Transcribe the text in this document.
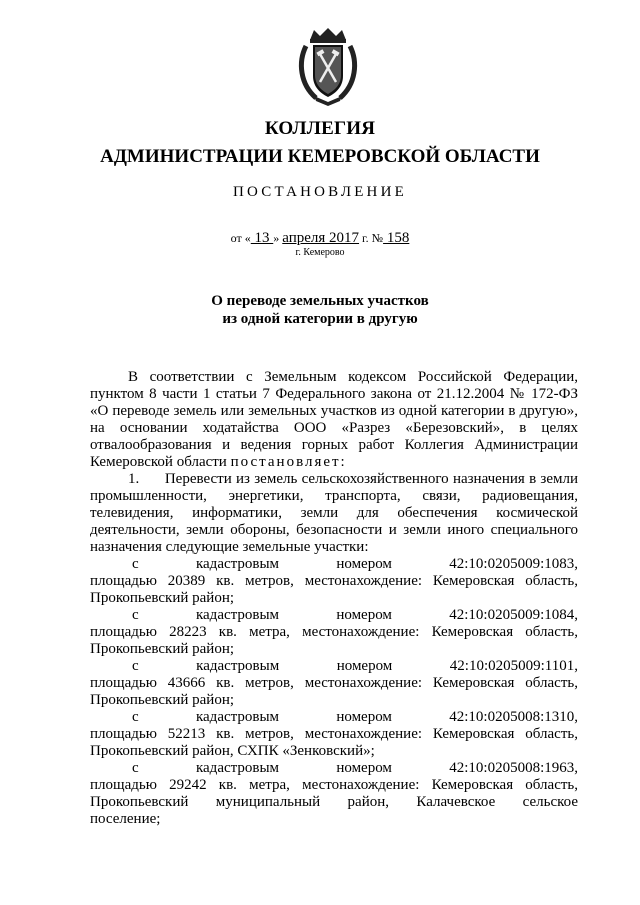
КОЛЛЕГИЯ
АДМИНИСТРАЦИИ КЕМЕРОВСКОЙ ОБЛАСТИ
ПОСТАНОВЛЕНИЕ
от « 13 » апреля 2017 г. № 158
г. Кемерово
О переводе земельных участков
из одной категории в другую

В соответствии с Земельным кодексом Российской Федерации, пунктом 8 части 1 статьи 7 Федерального закона от 21.12.2004 № 172-ФЗ «О переводе земель или земельных участков из одной категории в другую», на основании ходатайства ООО «Разрез «Березовский», в целях отвалообразования и ведения горных работ Коллегия Администрации Кемеровской области постановляет:

1. Перевести из земель сельскохозяйственного назначения в земли промышленности, энергетики, транспорта, связи, радиовещания, телевидения, информатики, земли для обеспечения космической деятельности, земли обороны, безопасности и земли иного специального назначения следующие земельные участки:

с	кадастровым	номером	42:10:0205009:1083,

площадью 20389 кв. метров, местонахождение: Кемеровская область,

Прокопьевский район;

с	кадастровым	номером	42:10:0205009:1084,

площадью 28223 кв. метра, местонахождение: Кемеровская область,

Прокопьевский район;

с	кадастровым	номером	42:10:0205009:1101,

площадью 43666 кв. метров, местонахождение: Кемеровская область,

Прокопьевский район;

с	кадастровым	номером	42:10:0205008:1310,

площадью 52213 кв. метров, местонахождение: Кемеровская область,

Прокопьевский район, СХПК «Зенковский»;

с	кадастровым	номером	42:10:0205008:1963,

площадью 29242 кв. метра, местонахождение: Кемеровская область,

Прокопьевский муниципальный район, Калачевское сельское

поселение;
